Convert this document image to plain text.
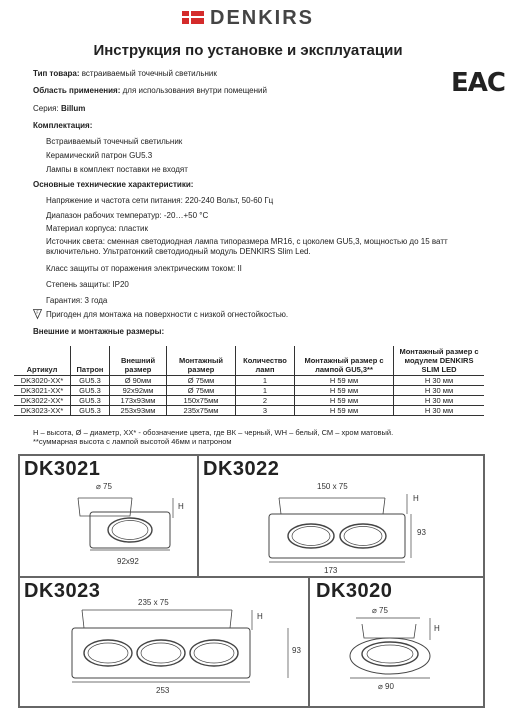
DENKIRS
Инструкция по установке и эксплуатации
EAC
Тип товара: встраиваемый точечный светильник
Область применения: для использования внутри помещений
Серия: Billum
Комплектация:
Встраиваемый точечный светильник
Керамический патрон GU5.3
Лампы в комплект поставки не входят
Основные технические характеристики:
Напряжение и частота сети питания: 220-240 Вольт, 50-60 Гц
Диапазон рабочих температур: -20…+50 °С
Материал корпуса: пластик
Источник света: сменная светодиодная лампа типоразмера MR16, с цоколем GU5,3, мощностью до 15 ватт включительно. Ультратонкий светодиодный модуль DENKIRS Slim Led.
Класс защиты от поражения электрическим током: II
Степень защиты: IP20
Гарантия: 3 года
F Пригоден для монтажа на поверхности с низкой огнестойкостью.
Внешние и монтажные размеры:
Артикул	Патрон	Внешний размер	Монтажный размер	Количество ламп	Монтажный размер с лампой GU5,3**	Монтажный размер с модулем DENKIRS SLIM LED
DK3020-XX*	GU5.3	Ø 90мм	Ø 75мм	1	H 59 мм	H 30 мм
DK3021-XX*	GU5.3	92х92мм	Ø 75мм	1	H 59 мм	H 30 мм
DK3022-XX*	GU5.3	173х93мм	150х75мм	2	H 59 мм	H 30 мм
DK3023-XX*	GU5.3	253х93мм	235х75мм	3	H 59 мм	H 30 мм
H – высота, Ø – диаметр, XX* - обозначение цвета, где ВК – черный, WH – белый, СМ – хром матовый.
**суммарная высота с лампой высотой 46мм и патроном
DK3021
⌀ 75
H
92x92
DK3022
150 x 75
H
93
173
DK3023
235 x 75
H
93
253
DK3020
⌀ 75
H
⌀ 90
